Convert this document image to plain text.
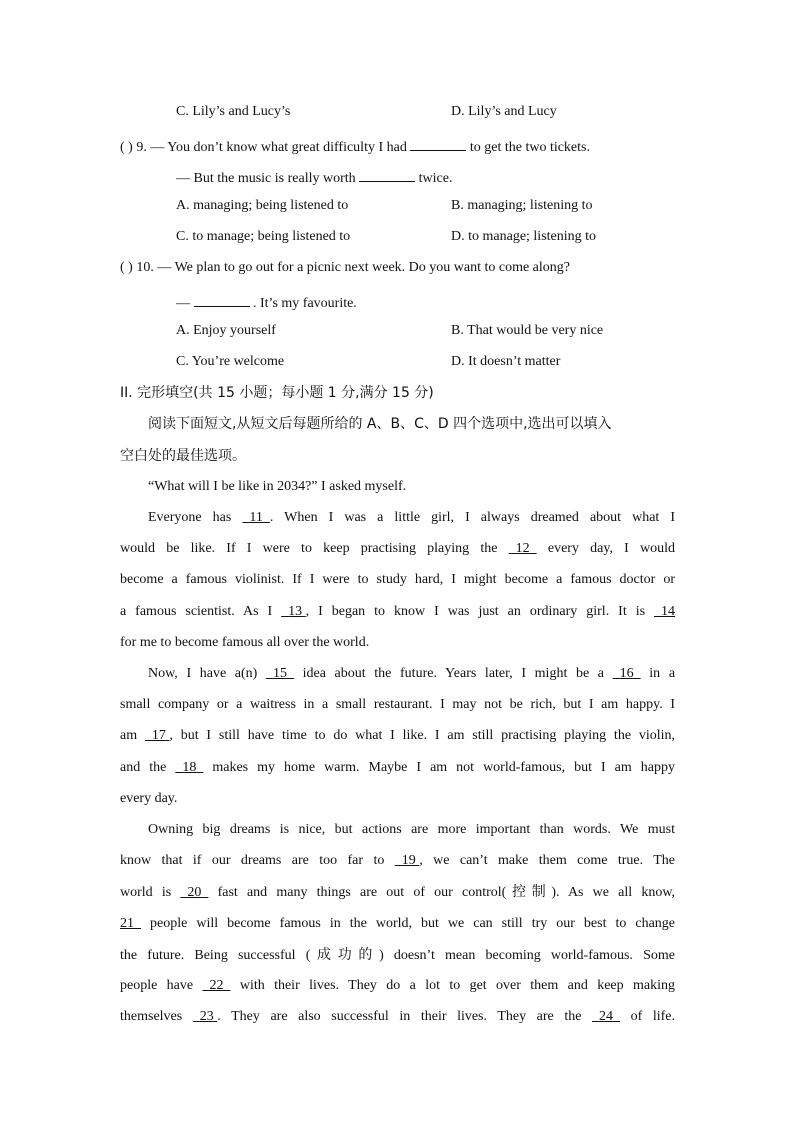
C. Lily’s and Lucy’s	D. Lily’s and Lucy
( ) 9. — You don’t know what great difficulty I had	to get the two tickets.
— But the music is really worth	twice.
A. managing; being listened to	B. managing; listening to
C. to manage; being listened to	D. to manage; listening to
( ) 10. — We plan to go out for a picnic next week. Do you want to come along?
—	. It’s my favourite.
A. Enjoy yourself	B. That would be very nice
C. You’re welcome	D. It doesn’t matter
II. 完形填空(共 15 小题；每小题 1 分,满分 15 分)
阅读下面短文,从短文后每题所给的 A、B、C、D 四个选项中,选出可以填入
空白处的最佳选项。
“What will I be like in 2034?” I asked myself.
Everyone has 11 . When I was a little girl, I always dreamed about what I
would be like. If I were to keep practising playing the 12 every day, I would
become a famous violinist. If I were to study hard, I might become a famous doctor or
a famous scientist. As I 13 , I began to know I was just an ordinary girl. It is 14
for me to become famous all over the world.
Now, I have a(n) 15 idea about the future. Years later, I might be a 16 in a
small company or a waitress in a small restaurant. I may not be rich, but I am happy. I
am 17 , but I still have time to do what I like. I am still practising playing the violin,
and the 18 makes my home warm. Maybe I am not world-famous, but I am happy
every day.
Owning big dreams is nice, but actions are more important than words. We must
know that if our dreams are too far to 19 , we can’t make them come true. The
world is 20 fast and many things are out of our control(控制). As we all know,
21 people will become famous in the world, but we can still try our best to change
the future. Being successful (成功的) doesn’t mean becoming world-famous. Some
people have 22 with their lives. They do a lot to get over them and keep making
themselves 23 . They are also successful in their lives. They are the 24 of life.
